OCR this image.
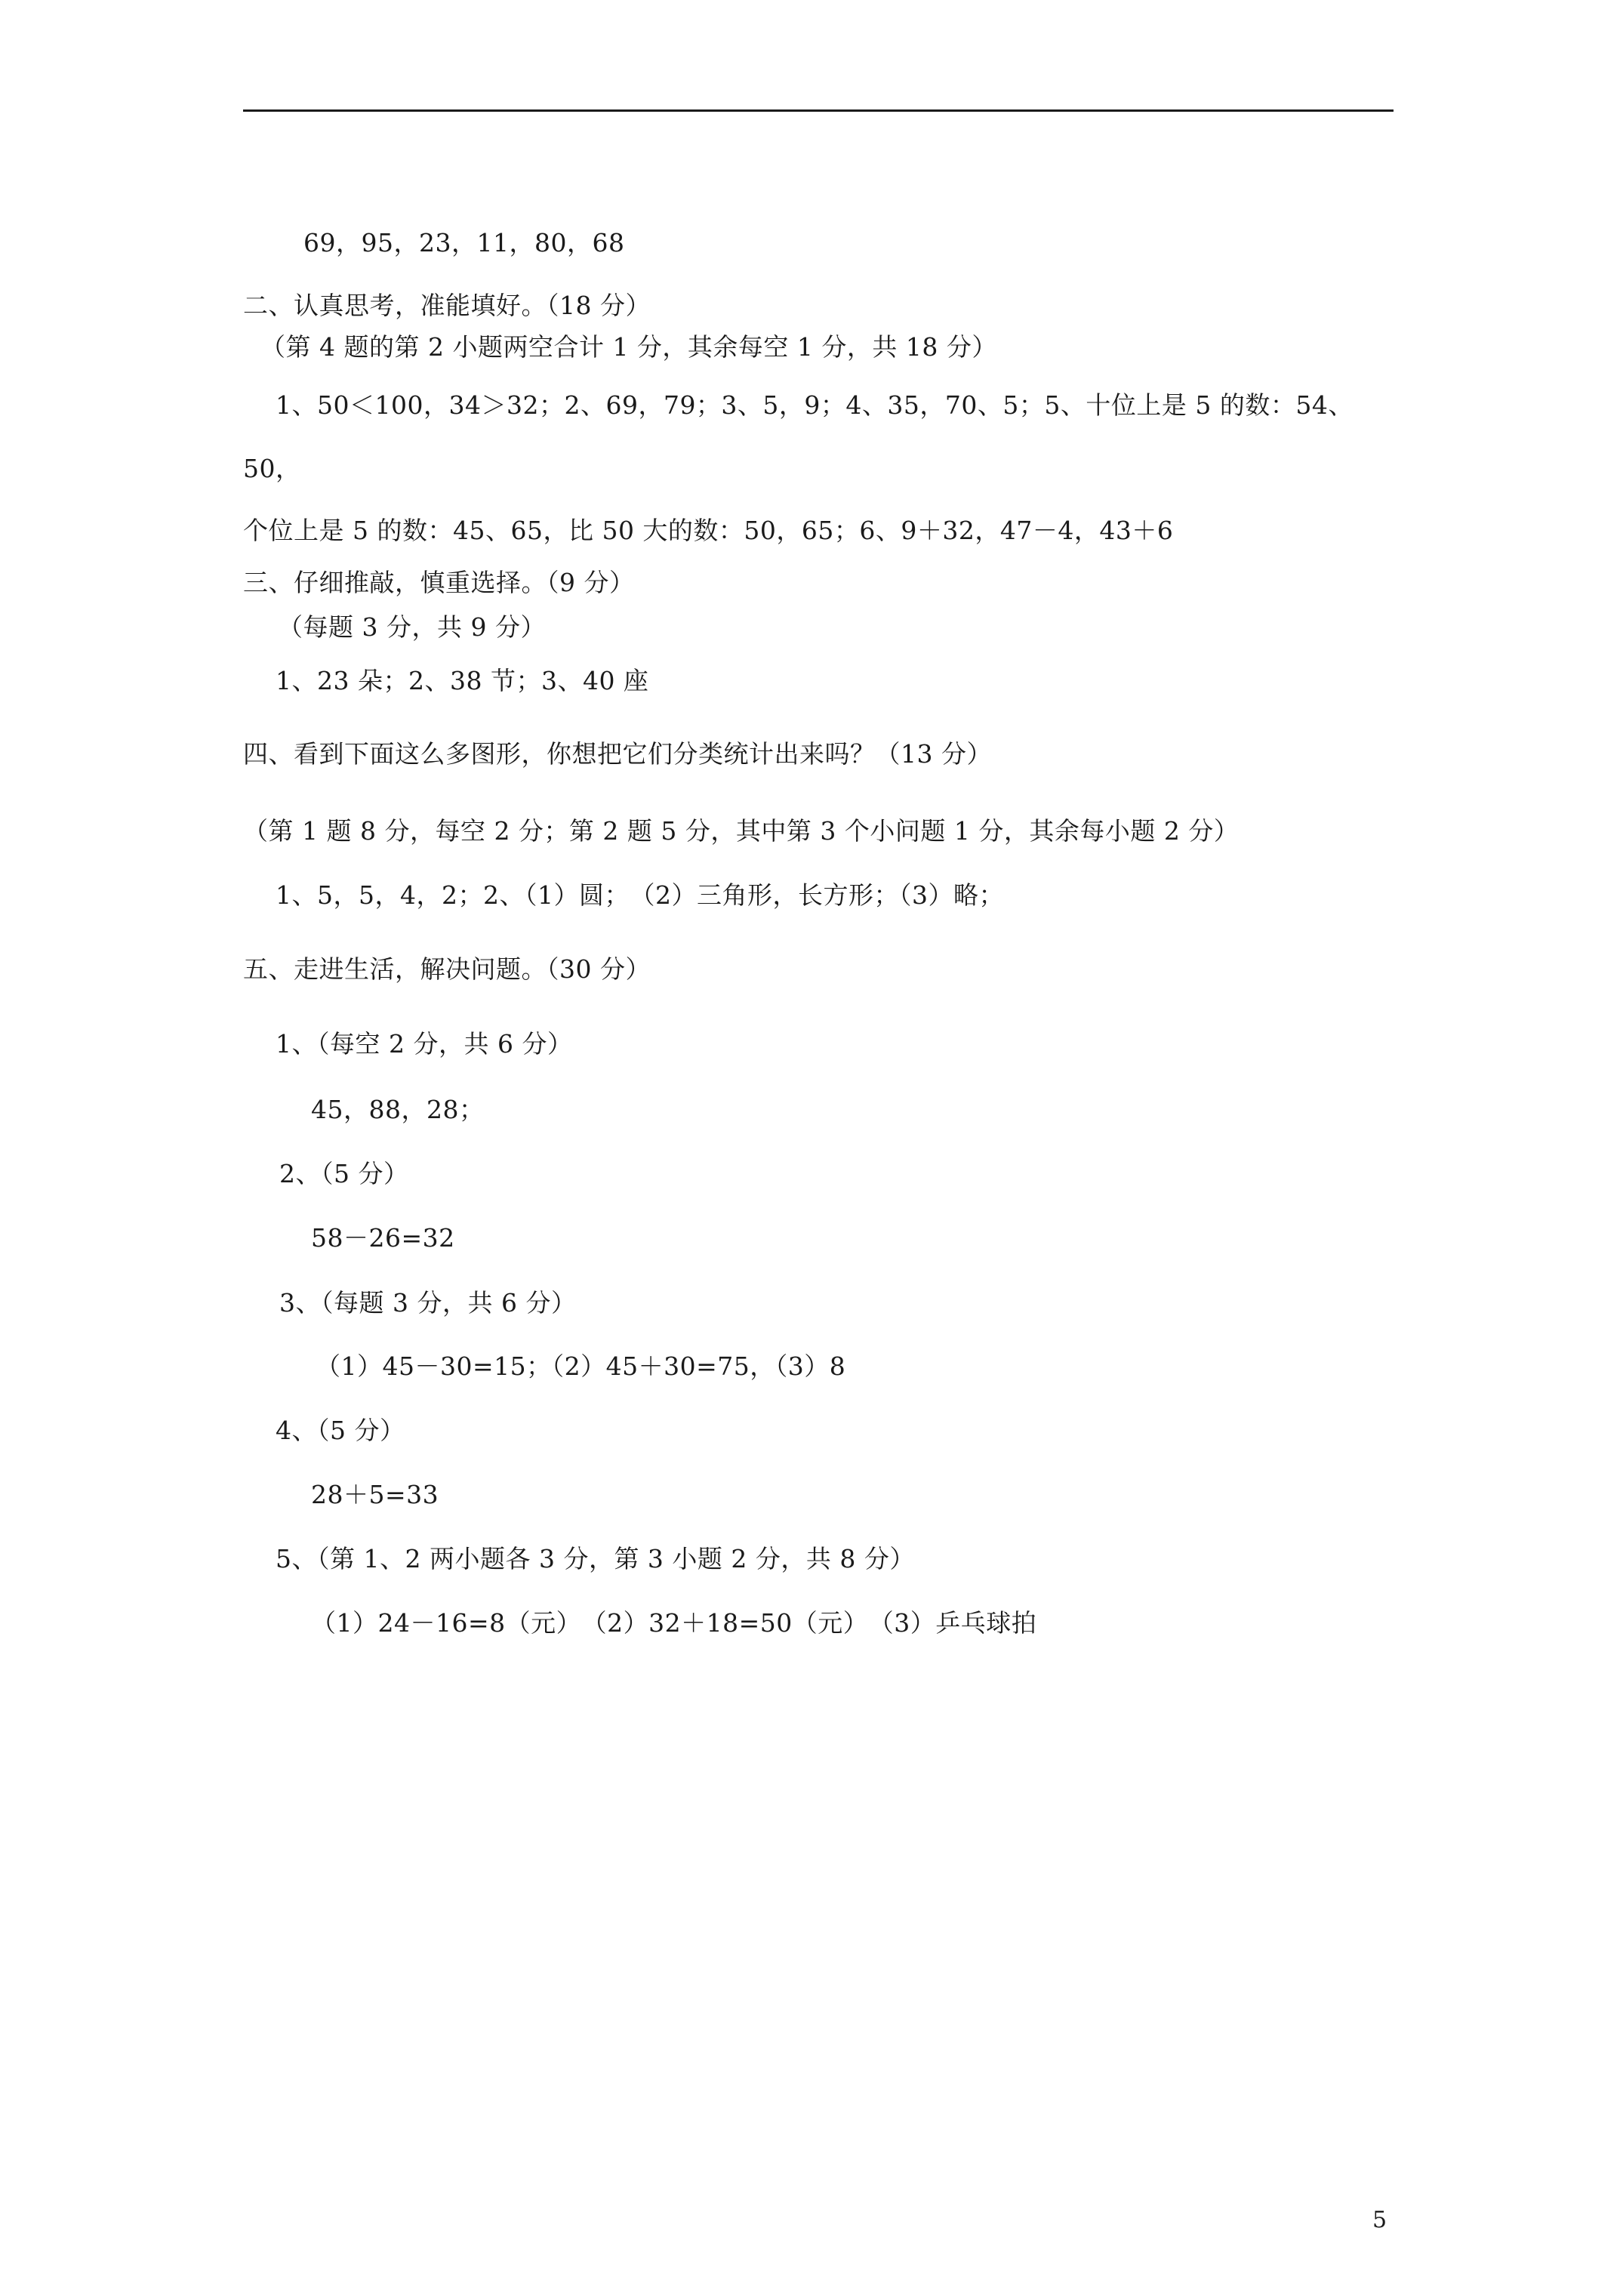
69，95，23，11，80，68
二、认真思考，准能填好。（18 分）
（第 4 题的第 2 小题两空合计 1 分，其余每空 1 分，共 18 分）
1、50＜100，34＞32；2、69，79；3、5，9；4、35，70、5；5、十位上是 5 的数：54、
50，
个位上是 5 的数：45、65，比 50 大的数：50，65；6、9＋32，47－4，43＋6
三、仔细推敲，慎重选择。（9 分）
（每题 3 分，共 9 分）
1、23 朵；2、38 节；3、40 座
四、看到下面这么多图形，你想把它们分类统计出来吗？（13 分）
（第 1 题 8 分，每空 2 分；第 2 题 5 分，其中第 3 个小问题 1 分，其余每小题 2 分）
1、5，5，4，2；2、（1）圆；　（2）三角形，长方形；（3）略；
五、走进生活，解决问题。（30 分）
1、（每空 2 分，共 6 分）
45，88，28；
2、（5 分）
58－26=32
3、（每题 3 分，共 6 分）
（1）45－30=15；（2）45＋30=75，（3）8
4、（5 分）
28＋5=33
5、（第 1、2 两小题各 3 分，第 3 小题 2 分，共 8 分）
（1）24－16=8（元）　（2）32＋18=50（元）　（3）乒乓球拍
5
